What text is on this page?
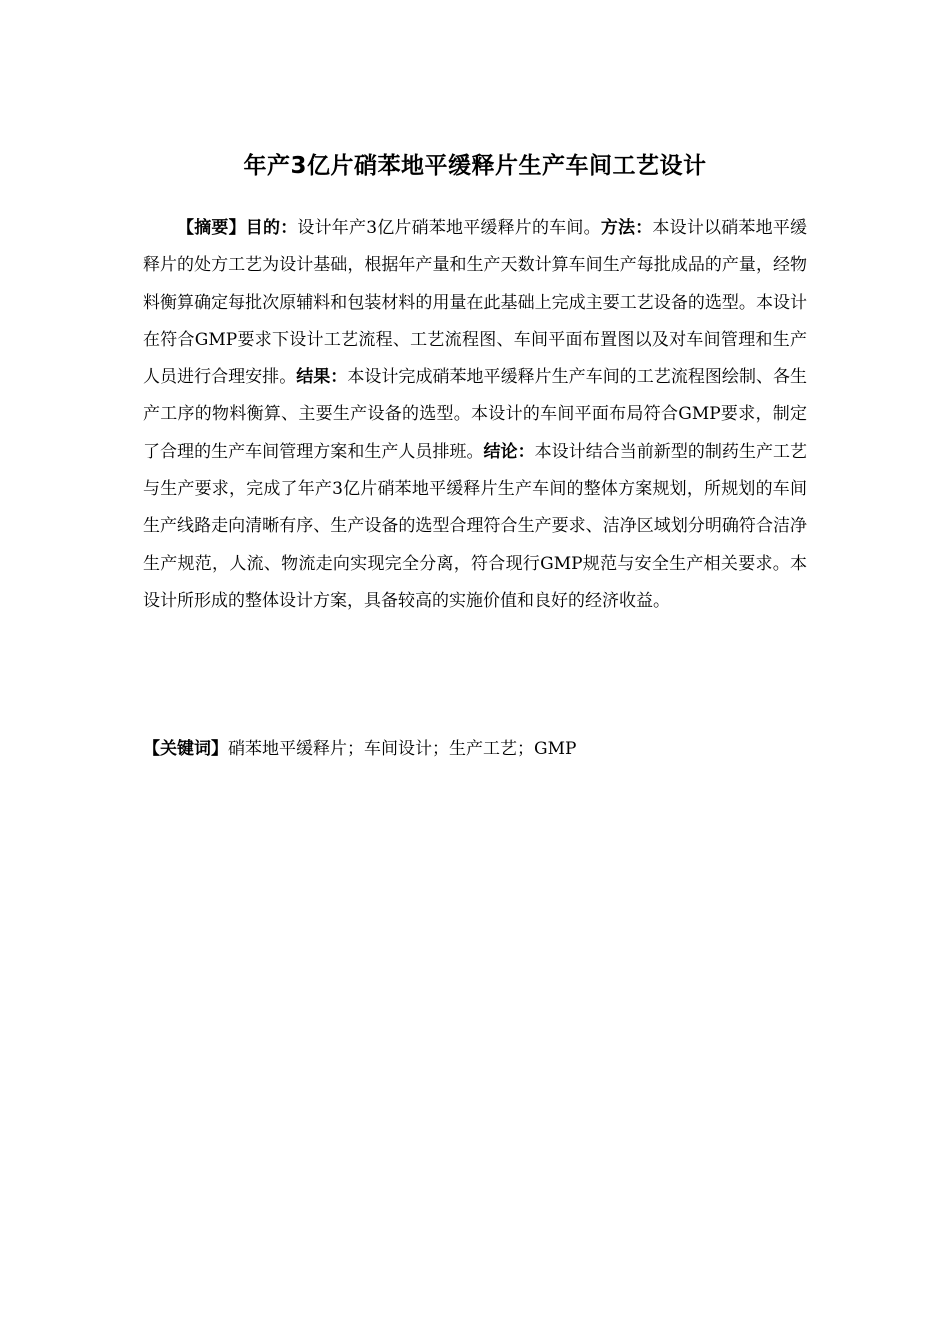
年产3亿片硝苯地平缓释片生产车间工艺设计

【摘要】目的：设计年产3亿片硝苯地平缓释片的车间。方法：本设计以硝苯地平缓释片的处方工艺为设计基础，根据年产量和生产天数计算车间生产每批成品的产量，经物料衡算确定每批次原辅料和包装材料的用量在此基础上完成主要工艺设备的选型。本设计在符合GMP要求下设计工艺流程、工艺流程图、车间平面布置图以及对车间管理和生产人员进行合理安排。结果：本设计完成硝苯地平缓释片生产车间的工艺流程图绘制、各生产工序的物料衡算、主要生产设备的选型。本设计的车间平面布局符合GMP要求，制定了合理的生产车间管理方案和生产人员排班。结论：本设计结合当前新型的制药生产工艺与生产要求，完成了年产3亿片硝苯地平缓释片生产车间的整体方案规划，所规划的车间生产线路走向清晰有序、生产设备的选型合理符合生产要求、洁净区域划分明确符合洁净生产规范，人流、物流走向实现完全分离，符合现行GMP规范与安全生产相关要求。本设计所形成的整体设计方案，具备较高的实施价值和良好的经济收益。

【关键词】硝苯地平缓释片；车间设计；生产工艺；GMP
